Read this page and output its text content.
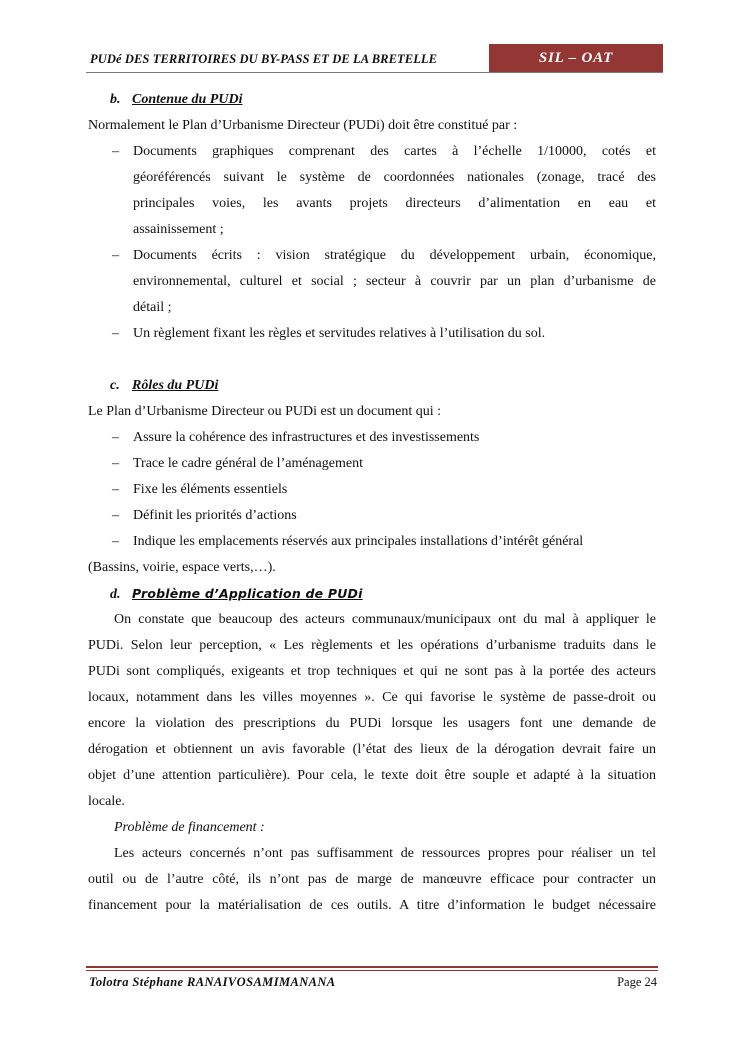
PUDé DES TERRITOIRES DU BY-PASS ET DE LA BRETELLE	SIL – OAT
b. Contenue du PUDi
Normalement le Plan d’Urbanisme Directeur (PUDi) doit être constitué par :
– Documents graphiques comprenant des cartes à l’échelle 1/10000, cotés et
géoréférencés suivant le système de coordonnées nationales (zonage, tracé des
principales voies, les avants projets directeurs d’alimentation en eau et
assainissement ;
– Documents écrits : vision stratégique du développement urbain, économique,
environnemental, culturel et social ; secteur à couvrir par un plan d’urbanisme de
détail ;
– Un règlement fixant les règles et servitudes relatives à l’utilisation du sol.
c. Rôles du PUDi
Le Plan d’Urbanisme Directeur ou PUDi est un document qui :
– Assure la cohérence des infrastructures et des investissements
– Trace le cadre général de l’aménagement
– Fixe les éléments essentiels
– Définit les priorités d’actions
– Indique les emplacements réservés aux principales installations d’intérêt général
(Bassins, voirie, espace verts,…).
d. Problème d’Application de PUDi
On constate que beaucoup des acteurs communaux/municipaux ont du mal à appliquer le
PUDi. Selon leur perception, « Les règlements et les opérations d’urbanisme traduits dans le
PUDi sont compliqués, exigeants et trop techniques et qui ne sont pas à la portée des acteurs
locaux, notamment dans les villes moyennes ». Ce qui favorise le système de passe-droit ou
encore la violation des prescriptions du PUDi lorsque les usagers font une demande de
dérogation et obtiennent un avis favorable (l’état des lieux de la dérogation devrait faire un
objet d’une attention particulière). Pour cela, le texte doit être souple et adapté à la situation
locale.
Problème de financement :
Les acteurs concernés n’ont pas suffisamment de ressources propres pour réaliser un tel
outil ou de l’autre côté, ils n’ont pas de marge de manœuvre efficace pour contracter un
financement pour la matérialisation de ces outils. A titre d’information le budget nécessaire
Tolotra Stéphane RANAIVOSAMIMANANA	Page 24
